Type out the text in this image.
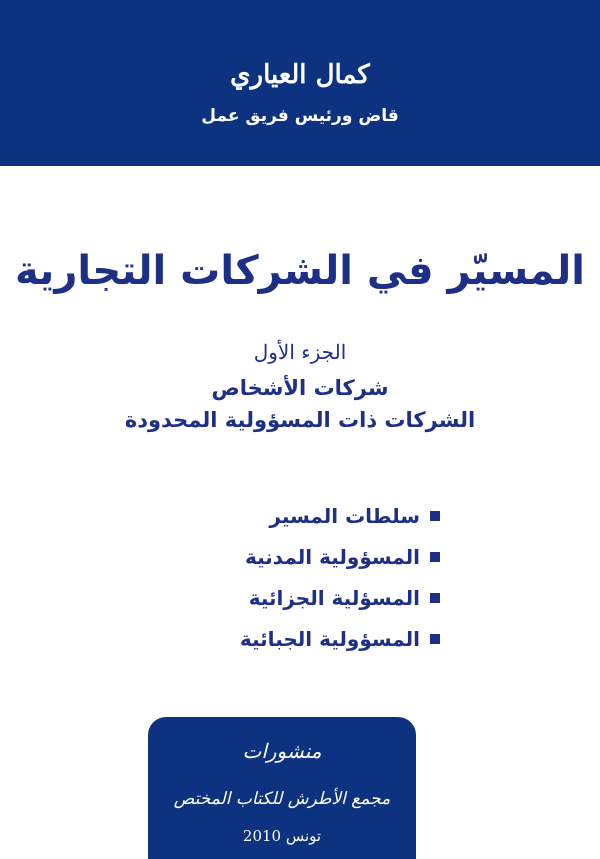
كمال العياري
قاض ورئيس فريق عمل
المسيّر في الشركات التجارية
الجزء الأول
شركات الأشخاص
الشركات ذات المسؤولية المحدودة
سلطات المسير
المسؤولية المدنية
المسؤلية الجزائية
المسؤولية الجبائية
منشورات
مجمع الأطرش للكتاب المختص
تونس 2010
